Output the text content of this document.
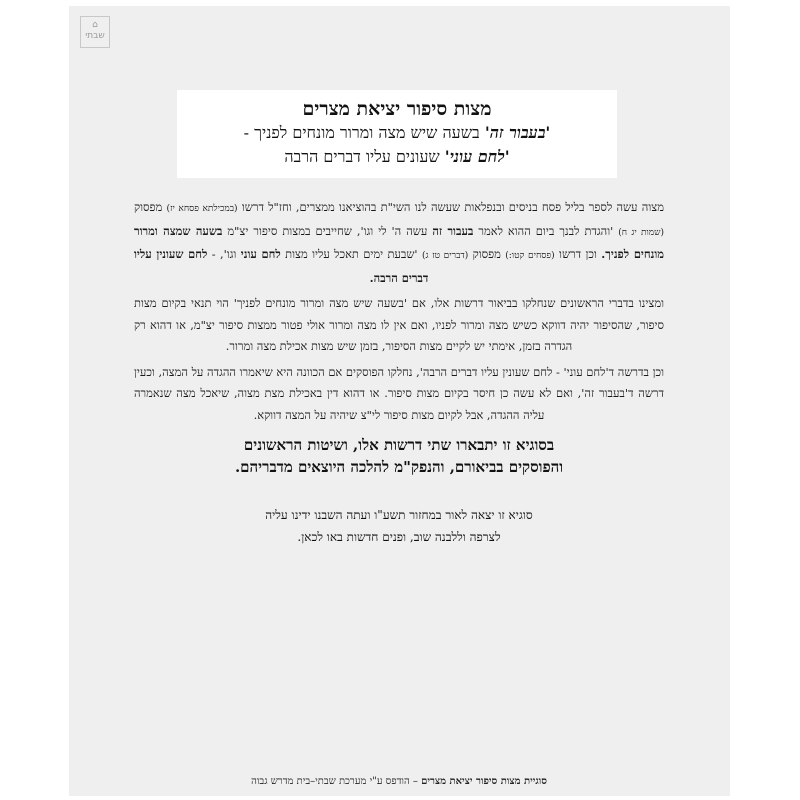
⌂
שבתי

מצות סיפור יציאת מצרים

'בעבור זה' בשעה שיש מצה ומרור מונחים לפניך -

'לחם עוני' שעונים עליו דברים הרבה

מצוה עשה לספר בליל פסח בניסים ובנפלאות שעשה לנו השי"ת בהוציאנו ממצרים, וחז"ל דרשו (במכילתא פסחא יז) מפסוק (שמות יג ח) 'והגדת לבנך ביום ההוא לאמר בעבור זה עשה ה' לי וגו', שחייבים במצות סיפור יצ"מ בשעה שמצה ומרור מונחים לפניך. וכן דרשו (פסחים קטו:) מפסוק (דברים טז ג) 'שבעת ימים תאכל עליו מצות לחם עוני וגו', - לחם שעונין עליו דברים הרבה.

ומצינו בדברי הראשונים שנחלקו בביאור דרשות אלו, אם 'בשעה שיש מצה ומרור מונחים לפניך' הוי תנאי בקיום מצות סיפור, שהסיפור יהיה דווקא כשיש מצה ומרור לפניו, ואם אין לו מצה ומרור אולי פטור ממצות סיפור יצ"מ, או דהוא רק הגדרה בזמן, אימתי יש לקיים מצות הסיפור, בזמן שיש מצות אכילת מצה ומרור.

וכן בדרשה ד'לחם עוני' - לחם שעונין עליו דברים הרבה', נחלקו הפוסקים אם הכוונה היא שיאמרו ההגדה על המצה, וכעין דרשה ד'בעבור זה', ואם לא עשה כן חיסר בקיום מצות סיפור. או דהוא דין באכילת מצת מצוה, שיאכל מצה שנאמרה עליה ההגדה, אבל לקיום מצות סיפור לי"צ שיהיה על המצה דווקא.

בסוגיא זו יתבארו שתי דרשות אלו, ושיטות הראשונים
והפוסקים בביאורם, והנפק"מ להלכה היוצאים מדבריהם.

סוגיא זו יצאה לאור במחזור תשע"ו ועתה השבנו ידינו עליה
לצרפה וללבנה שוב, ופנים חדשות באו לכאן.
סוגיית מצות סיפור יציאת מצרים – הודפס ע"י מערכת שבתי–בית מדרש גבוה
